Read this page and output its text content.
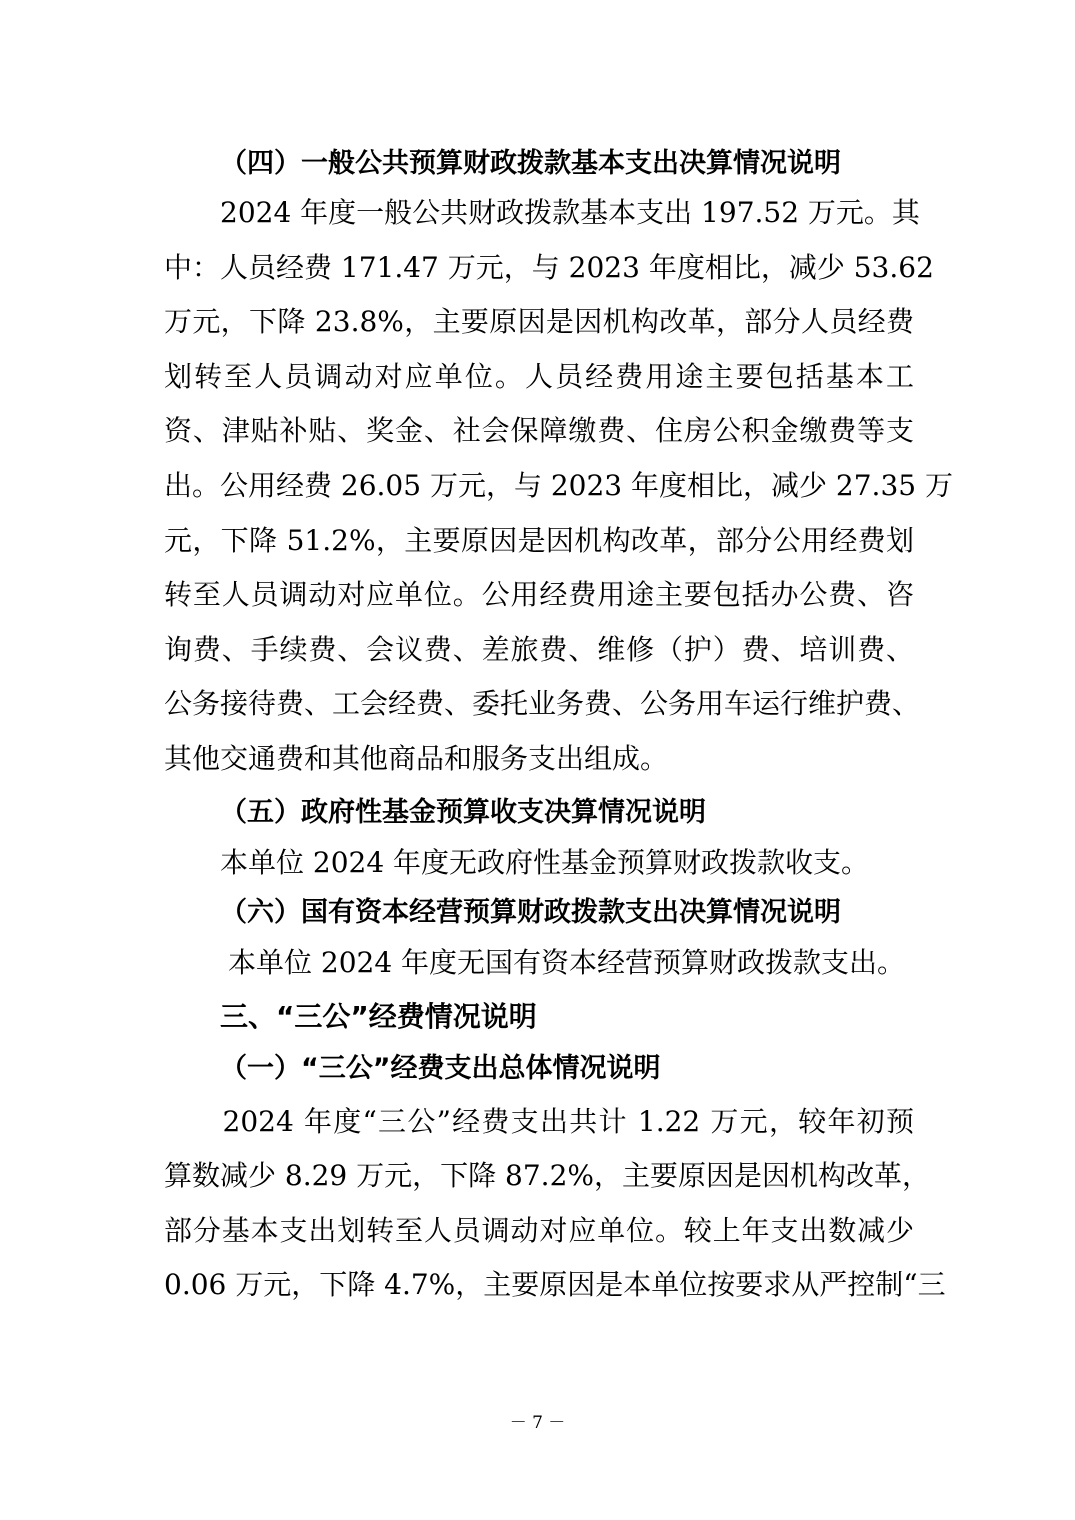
（四）一般公共预算财政拨款基本支出决算情况说明
　　2024 年度一般公共财政拨款基本支出 197.52 万元。其
中：人员经费 171.47 万元，与 2023 年度相比，减少 53.62
万元，下降 23.8%，主要原因是因机构改革，部分人员经费
划转至人员调动对应单位。人员经费用途主要包括基本工
资、津贴补贴、奖金、社会保障缴费、住房公积金缴费等支
出。公用经费 26.05 万元，与 2023 年度相比，减少 27.35 万
元，下降 51.2%，主要原因是因机构改革，部分公用经费划
转至人员调动对应单位。公用经费用途主要包括办公费、咨
询费、手续费、会议费、差旅费、维修（护）费、培训费、
公务接待费、工会经费、委托业务费、公务用车运行维护费、
其他交通费和其他商品和服务支出组成。
（五）政府性基金预算收支决算情况说明
本单位 2024 年度无政府性基金预算财政拨款收支。
（六）国有资本经营预算财政拨款支出决算情况说明
本单位 2024 年度无国有资本经营预算财政拨款支出。
三、“三公”经费情况说明
（一）“三公”经费支出总体情况说明
　　2024 年度“三公”经费支出共计 1.22 万元，较年初预
算数减少 8.29 万元，下降 87.2%，主要原因是因机构改革，
部分基本支出划转至人员调动对应单位。较上年支出数减少
0.06 万元，下降 4.7%，主要原因是本单位按要求从严控制“三
－ 7 －
